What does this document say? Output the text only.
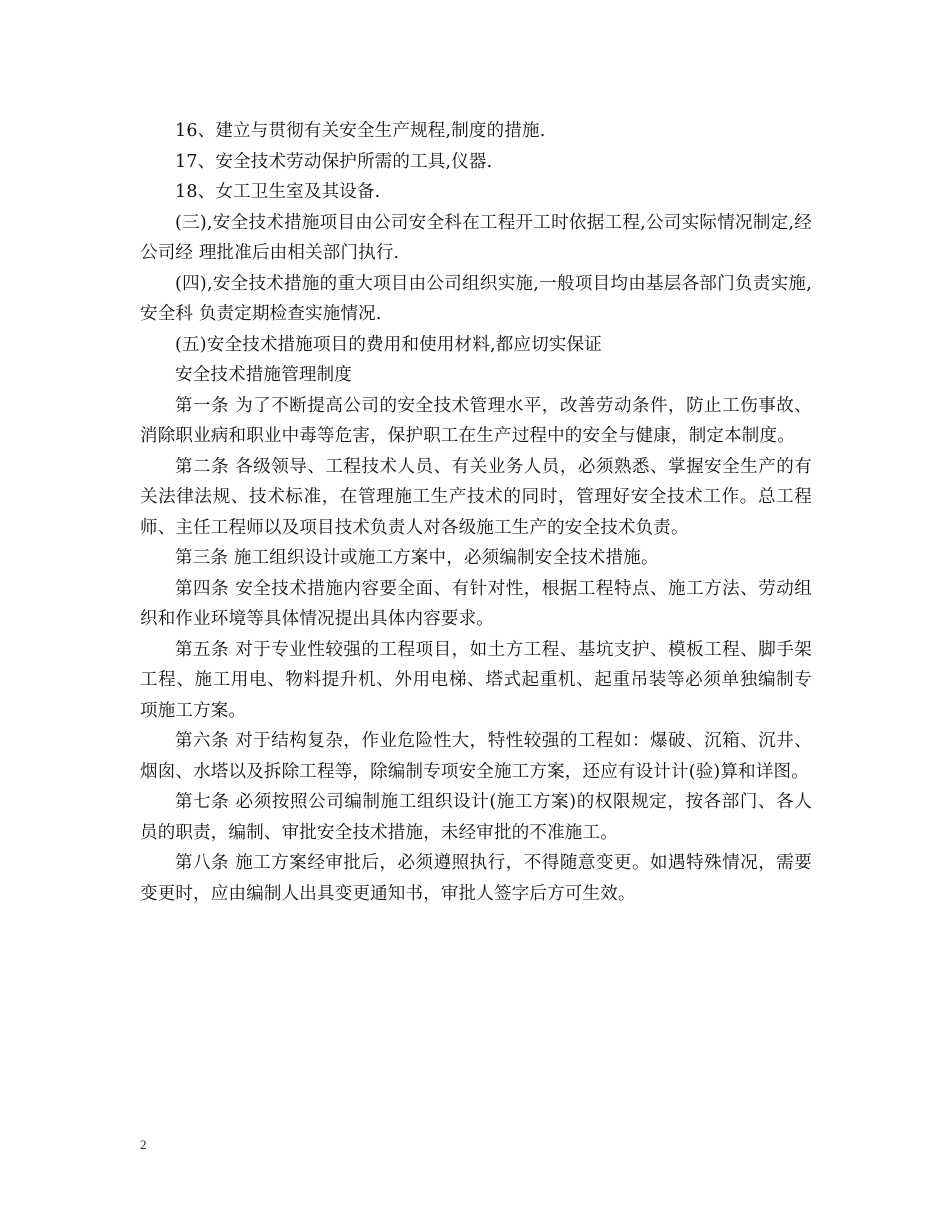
16、建立与贯彻有关安全生产规程,制度的措施.

17、安全技术劳动保护所需的工具,仪器.

18、女工卫生室及其设备.

(三),安全技术措施项目由公司安全科在工程开工时依据工程,公司实际情况制定,经公司经 理批准后由相关部门执行.

(四),安全技术措施的重大项目由公司组织实施,一般项目均由基层各部门负责实施,安全科 负责定期检查实施情况.

(五)安全技术措施项目的费用和使用材料,都应切实保证

安全技术措施管理制度

第一条 为了不断提高公司的安全技术管理水平，改善劳动条件，防止工伤事故、消除职业病和职业中毒等危害，保护职工在生产过程中的安全与健康，制定本制度。

第二条 各级领导、工程技术人员、有关业务人员，必须熟悉、掌握安全生产的有关法律法规、技术标准，在管理施工生产技术的同时，管理好安全技术工作。总工程师、主任工程师以及项目技术负责人对各级施工生产的安全技术负责。

第三条 施工组织设计或施工方案中，必须编制安全技术措施。

第四条 安全技术措施内容要全面、有针对性，根据工程特点、施工方法、劳动组织和作业环境等具体情况提出具体内容要求。

第五条 对于专业性较强的工程项目，如土方工程、基坑支护、模板工程、脚手架工程、施工用电、物料提升机、外用电梯、塔式起重机、起重吊装等必须单独编制专项施工方案。

第六条 对于结构复杂，作业危险性大，特性较强的工程如：爆破、沉箱、沉井、烟囱、水塔以及拆除工程等，除编制专项安全施工方案，还应有设计计(验)算和详图。

第七条 必须按照公司编制施工组织设计(施工方案)的权限规定，按各部门、各人员的职责，编制、审批安全技术措施，未经审批的不准施工。

第八条 施工方案经审批后，必须遵照执行，不得随意变更。如遇特殊情况，需要变更时，应由编制人出具变更通知书，审批人签字后方可生效。

2
